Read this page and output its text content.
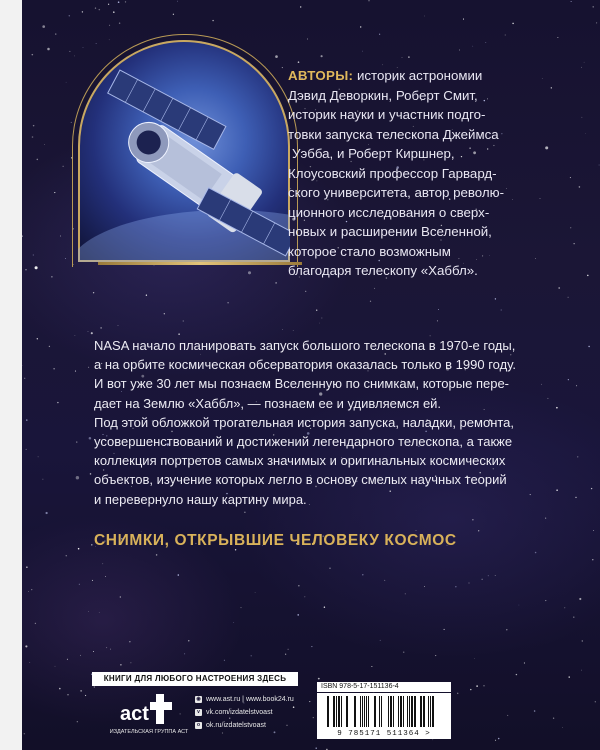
АВТОРЫ: историк астрономии
Дэвид Деворкин, Роберт Смит,
историк науки и участник подго-
товки запуска телескопа Джеймса
Уэбба, и Роберт Киршнер,
Клоусовский профессор Гарвард-
ского университета, автор револю-
ционного исследования о сверх-
новых и расширении Вселенной,
которое стало возможным
благодаря телескопу «Хаббл».

NASA начало планировать запуск большого телескопа в 1970-е годы,

а на орбите космическая обсерватория оказалась только в 1990 году.

И вот уже 30 лет мы познаем Вселенную по снимкам, которые пере-

дает на Землю «Хаббл», — познаем ее и удивляемся ей.

Под этой обложкой трогательная история запуска, наладки, ремонта,

усовершенствований и достижений легендарного телескопа, а также

коллекция портретов самых значимых и оригинальных космических

объектов, изучение которых легло в основу смелых научных теорий

и перевернуло нашу картину мира.

СНИМКИ, ОТКРЫВШИЕ ЧЕЛОВЕКУ КОСМОС
КНИГИ ДЛЯ ЛЮБОГО НАСТРОЕНИЯ ЗДЕСЬ
act
ИЗДАТЕЛЬСКАЯ ГРУППА АСТ
◉ www.ast.ru | www.book24.ru
v vk.com/izdatelstvoast
o ok.ru/izdatelstvoast
ISBN 978-5-17-151136-4
9 785171 511364 >
